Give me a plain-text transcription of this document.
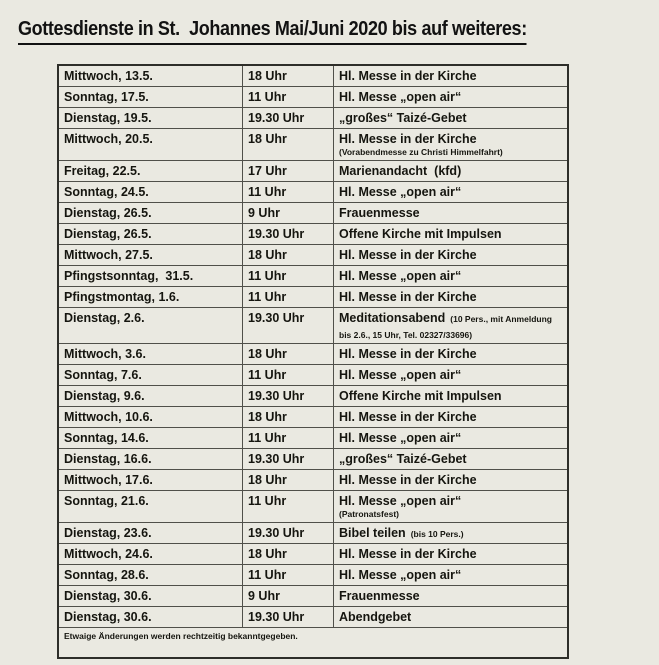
Gottesdienste in St.  Johannes Mai/Juni 2020 bis auf weiteres:
Mittwoch, 13.5.	18 Uhr	Hl. Messe in der Kirche
Sonntag, 17.5.	11 Uhr	Hl. Messe „open air“
Dienstag, 19.5.	19.30 Uhr	„großes“ Taizé-Gebet
Mittwoch, 20.5.	18 Uhr	Hl. Messe in der Kirche
(Vorabendmesse zu Christi Himmelfahrt)
Freitag, 22.5.	17 Uhr	Marienandacht  (kfd)
Sonntag, 24.5.	11 Uhr	Hl. Messe „open air“
Dienstag, 26.5.	9 Uhr	Frauenmesse
Dienstag, 26.5.	19.30 Uhr	Offene Kirche mit Impulsen
Mittwoch, 27.5.	18 Uhr	Hl. Messe in der Kirche
Pfingstsonntag,  31.5.	11 Uhr	Hl. Messe „open air“
Pfingstmontag, 1.6.	11 Uhr	Hl. Messe in der Kirche
Dienstag, 2.6.	19.30 Uhr	Meditationsabend (10 Pers., mit Anmeldung bis 2.6., 15 Uhr, Tel. 02327/33696)
Mittwoch, 3.6.	18 Uhr	Hl. Messe in der Kirche
Sonntag, 7.6.	11 Uhr	Hl. Messe „open air“
Dienstag, 9.6.	19.30 Uhr	Offene Kirche mit Impulsen
Mittwoch, 10.6.	18 Uhr	Hl. Messe in der Kirche
Sonntag, 14.6.	11 Uhr	Hl. Messe „open air“
Dienstag, 16.6.	19.30 Uhr	„großes“ Taizé-Gebet
Mittwoch, 17.6.	18 Uhr	Hl. Messe in der Kirche
Sonntag, 21.6.	11 Uhr	Hl. Messe „open air“
(Patronatsfest)
Dienstag, 23.6.	19.30 Uhr	Bibel teilen (bis 10 Pers.)
Mittwoch, 24.6.	18 Uhr	Hl. Messe in der Kirche
Sonntag, 28.6.	11 Uhr	Hl. Messe „open air“
Dienstag, 30.6.	9 Uhr	Frauenmesse
Dienstag, 30.6.	19.30 Uhr	Abendgebet
Etwaige Änderungen werden rechtzeitig bekanntgegeben.
